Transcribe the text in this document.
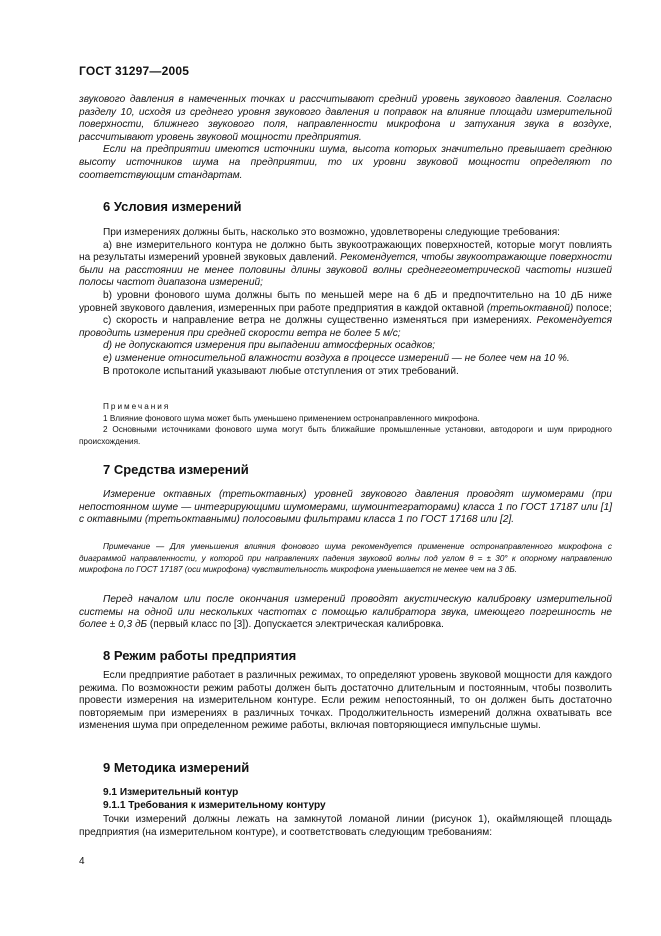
ГОСТ 31297—2005

звукового давления в намеченных точках и рассчитывают средний уровень звукового давления. Согласно разделу 10, исходя из среднего уровня звукового давления и поправок на влияние площади измерительной поверхности, ближнего звукового поля, направленности микрофона и затухания звука в воздухе, рассчитывают уровень звуковой мощности предприятия.

Если на предприятии имеются источники шума, высота которых значительно превышает среднюю высоту источников шума на предприятии, то их уровни звуковой мощности определяют по соответствующим стандартам.

6 Условия измерений

При измерениях должны быть, насколько это возможно, удовлетворены следующие требования:

а) вне измерительного контура не должно быть звукоотражающих поверхностей, которые могут повлиять на результаты измерений уровней звуковых давлений. Рекомендуется, чтобы звукоотражающие поверхности были на расстоянии не менее половины длины звуковой волны среднегеометрической частоты низшей полосы частот диапазона измерений;

b) уровни фонового шума должны быть по меньшей мере на 6 дБ и предпочтительно на 10 дБ ниже уровней звукового давления, измеренных при работе предприятия в каждой октавной (третьоктавной) полосе;

c) скорость и направление ветра не должны существенно изменяться при измерениях. Рекомендуется проводить измерения при средней скорости ветра не более 5 м/с;

d) не допускаются измерения при выпадении атмосферных осадков;

e) изменение относительной влажности воздуха в процессе измерений — не более чем на 10 %.

В протоколе испытаний указывают любые отступления от этих требований.

Примечания

1 Влияние фонового шума может быть уменьшено применением остронаправленного микрофона.

2 Основными источниками фонового шума могут быть ближайшие промышленные установки, автодороги и шум природного происхождения.

7 Средства измерений

Измерение октавных (третьоктавных) уровней звукового давления проводят шумомерами (при непостоянном шуме — интегрирующими шумомерами, шумоинтеграторами) класса 1 по ГОСТ 17187 или [1] с октавными (третьоктавными) полосовыми фильтрами класса 1 по ГОСТ 17168 или [2].

Примечание — Для уменьшения влияния фонового шума рекомендуется применение остронаправленного микрофона с диаграммой направленности, у которой при направлениях падения звуковой волны под углом θ = ± 30° к опорному направлению микрофона по ГОСТ 17187 (оси микрофона) чувствительность микрофона уменьшается не менее чем на 3 дБ.

Перед началом или после окончания измерений проводят акустическую калибровку измерительной системы на одной или нескольких частотах с помощью калибратора звука, имеющего погрешность не более ± 0,3 дБ (первый класс по [3]). Допускается электрическая калибровка.

8 Режим работы предприятия

Если предприятие работает в различных режимах, то определяют уровень звуковой мощности для каждого режима. По возможности режим работы должен быть достаточно длительным и постоянным, чтобы позволить провести измерения на измерительном контуре. Если режим непостоянный, то он должен быть достаточно повторяемым при измерениях в различных точках. Продолжительность измерений должна охватывать все изменения шума при определенном режиме работы, включая повторяющиеся импульсные шумы.

9 Методика измерений
9.1 Измерительный контур
9.1.1 Требования к измерительному контуру

Точки измерений должны лежать на замкнутой ломаной линии (рисунок 1), окаймляющей площадь предприятия (на измерительном контуре), и соответствовать следующим требованиям:

4
